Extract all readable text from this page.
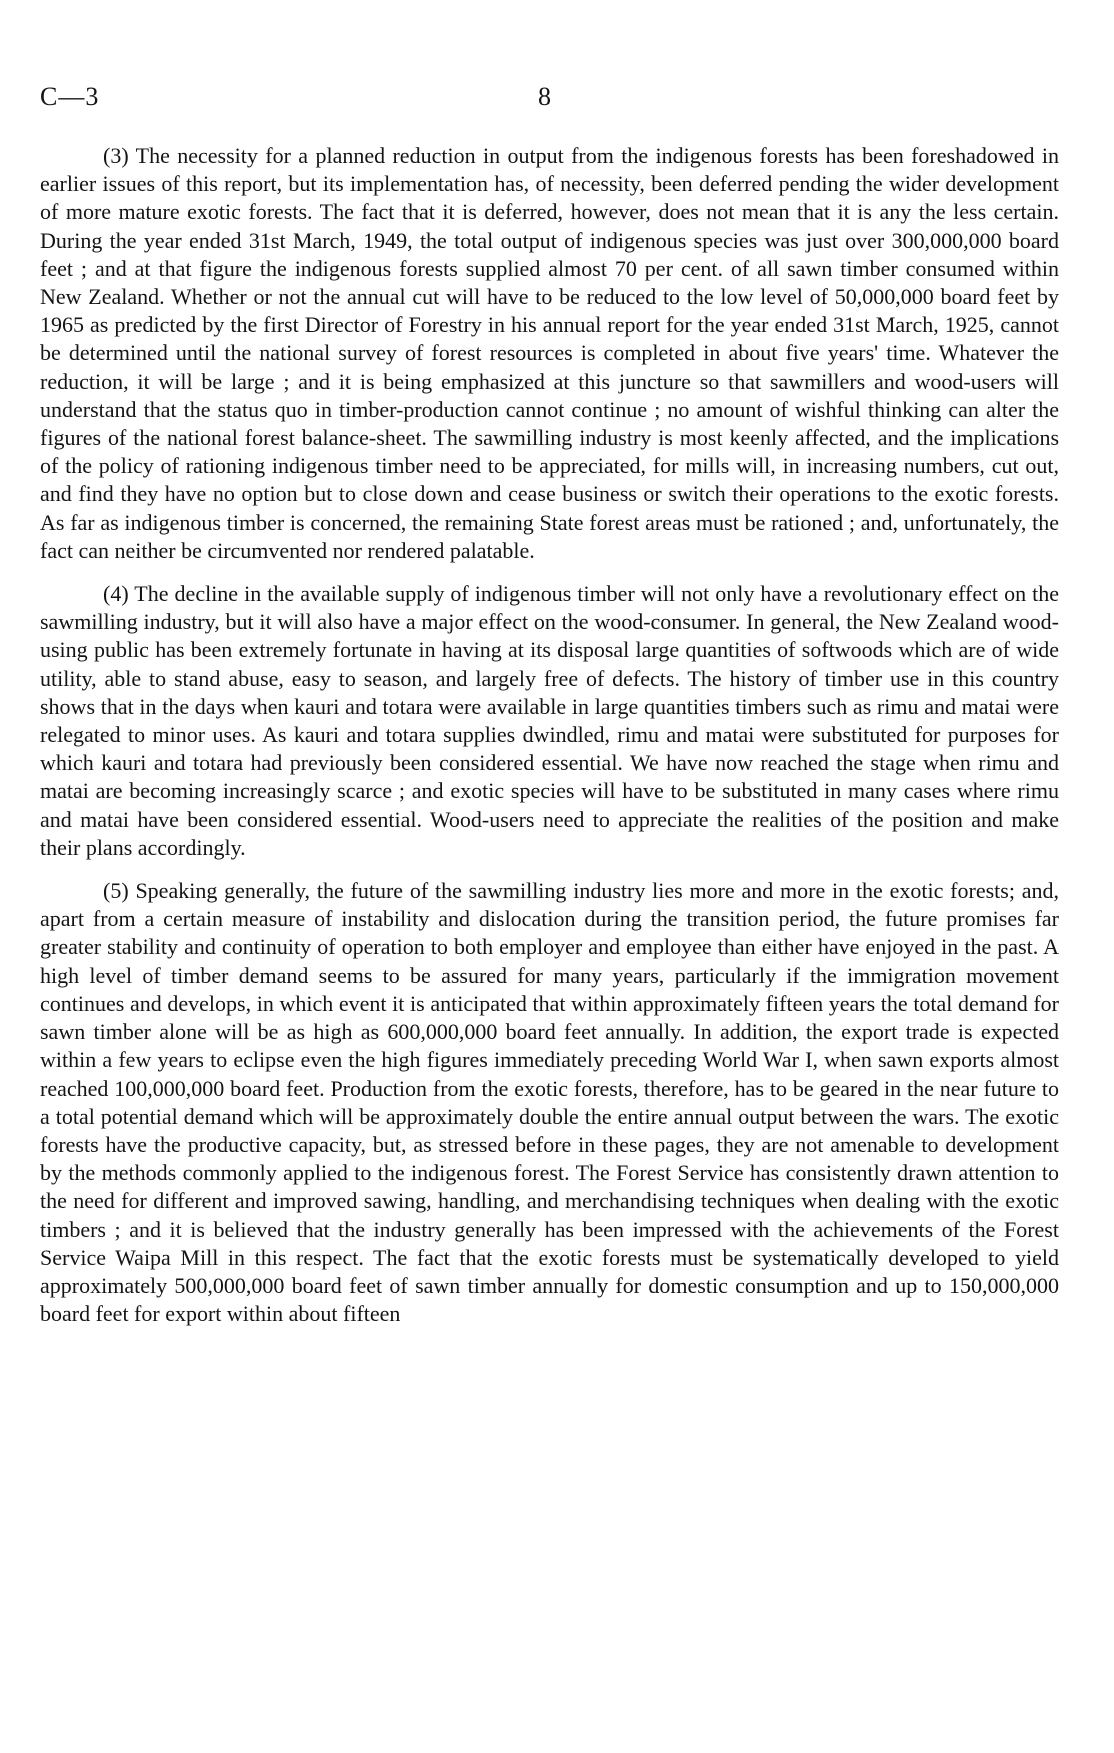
C—3	8

(3) The necessity for a planned reduction in output from the indigenous forests has been foreshadowed in earlier issues of this report, but its implementation has, of necessity, been deferred pending the wider development of more mature exotic forests. The fact that it is deferred, however, does not mean that it is any the less certain. During the year ended 31st March, 1949, the total output of indigenous species was just over 300,000,000 board feet ; and at that figure the indigenous forests supplied almost 70 per cent. of all sawn timber consumed within New Zealand. Whether or not the annual cut will have to be reduced to the low level of 50,000,000 board feet by 1965 as predicted by the first Director of Forestry in his annual report for the year ended 31st March, 1925, cannot be determined until the national survey of forest resources is completed in about five years' time. Whatever the reduction, it will be large ; and it is being emphasized at this juncture so that sawmillers and wood-users will understand that the status quo in timber-production cannot continue ; no amount of wishful thinking can alter the figures of the national forest balance-sheet. The sawmilling industry is most keenly affected, and the implications of the policy of rationing indigenous timber need to be appreciated, for mills will, in increasing numbers, cut out, and find they have no option but to close down and cease business or switch their operations to the exotic forests. As far as indigenous timber is concerned, the remaining State forest areas must be rationed ; and, unfortunately, the fact can neither be circumvented nor rendered palatable.

(4) The decline in the available supply of indigenous timber will not only have a revolutionary effect on the sawmilling industry, but it will also have a major effect on the wood-consumer. In general, the New Zealand wood-using public has been extremely fortunate in having at its disposal large quantities of softwoods which are of wide utility, able to stand abuse, easy to season, and largely free of defects. The history of timber use in this country shows that in the days when kauri and totara were available in large quantities timbers such as rimu and matai were relegated to minor uses. As kauri and totara supplies dwindled, rimu and matai were substituted for purposes for which kauri and totara had previously been considered essential. We have now reached the stage when rimu and matai are becoming increasingly scarce ; and exotic species will have to be substituted in many cases where rimu and matai have been considered essential. Wood-users need to appreciate the realities of the position and make their plans accordingly.

(5) Speaking generally, the future of the sawmilling industry lies more and more in the exotic forests; and, apart from a certain measure of instability and dislocation during the transition period, the future promises far greater stability and continuity of operation to both employer and employee than either have enjoyed in the past. A high level of timber demand seems to be assured for many years, particularly if the immigration movement continues and develops, in which event it is anticipated that within approximately fifteen years the total demand for sawn timber alone will be as high as 600,000,000 board feet annually. In addition, the export trade is expected within a few years to eclipse even the high figures immediately preceding World War I, when sawn exports almost reached 100,000,000 board feet. Production from the exotic forests, therefore, has to be geared in the near future to a total potential demand which will be approximately double the entire annual output between the wars. The exotic forests have the productive capacity, but, as stressed before in these pages, they are not amenable to development by the methods commonly applied to the indigenous forest. The Forest Service has consistently drawn attention to the need for different and improved sawing, handling, and merchandising techniques when dealing with the exotic timbers ; and it is believed that the industry generally has been impressed with the achievements of the Forest Service Waipa Mill in this respect. The fact that the exotic forests must be systematically developed to yield approximately 500,000,000 board feet of sawn timber annually for domestic consumption and up to 150,000,000 board feet for export within about fifteen
